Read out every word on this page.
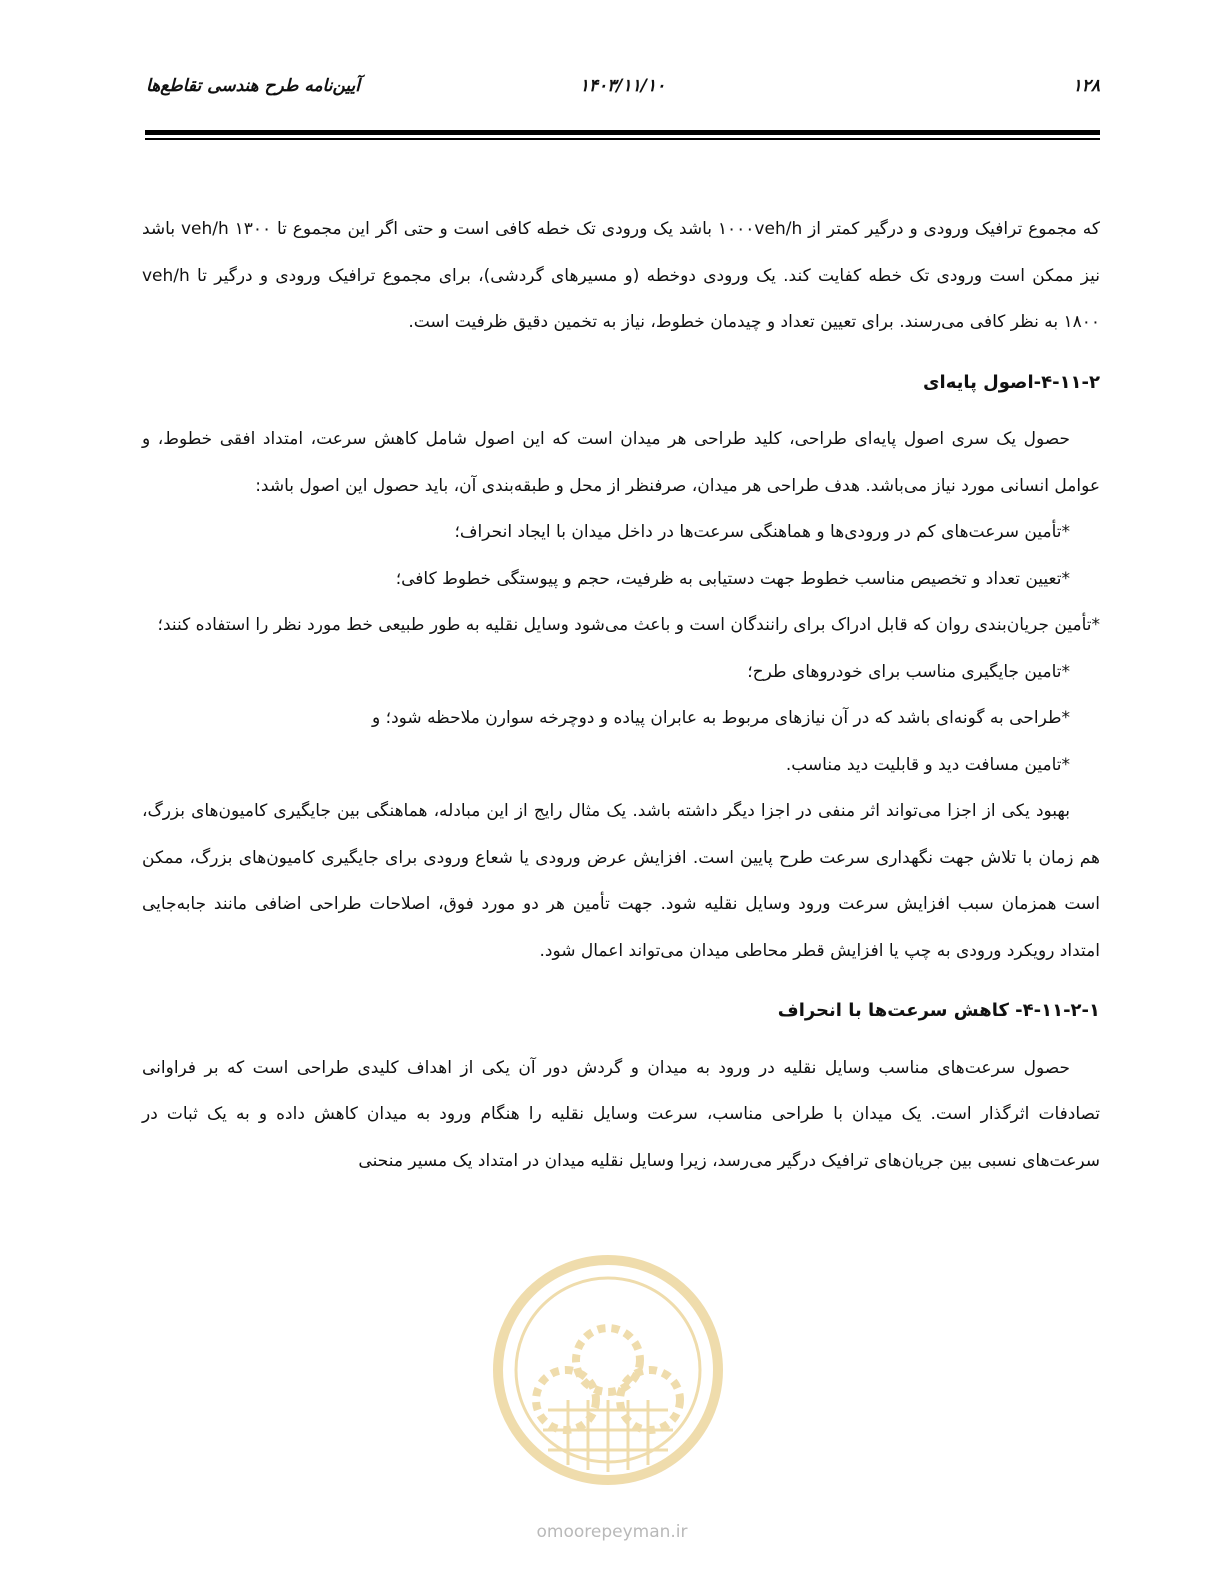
۱۴۰۳/۱۱/۱۰
آیین‌نامه طرح هندسی تقاطع‌ها	۱۲۸

که مجموع ترافیک ورودی و درگیر کمتر از ۱۰۰۰veh/h باشد یک ورودی تک خطه کافی است و حتی اگر این مجموع تا veh/h ۱۳۰۰ باشد نیز ممکن است ورودی تک خطه کفایت کند. یک ورودی دوخطه (و مسیرهای گردشی)، برای مجموع ترافیک ورودی و درگیر تا veh/h ۱۸۰۰ به نظر کافی می‌رسند. برای تعیین تعداد و چیدمان خطوط، نیاز به تخمین دقیق ظرفیت است.

۴-۱۱-۲-اصول پایه‌ای

حصول یک سری اصول پایه‌ای طراحی، کلید طراحی هر میدان است که این اصول شامل کاهش سرعت، امتداد افقی خطوط، و عوامل انسانی مورد نیاز می‌باشد. هدف طراحی هر میدان، صرفنظر از محل و طبقه‌بندی آن، باید حصول این اصول باشد:

*تأمین سرعت‌های کم در ورودی‌ها و هماهنگی سرعت‌ها در داخل میدان با ایجاد انحراف؛

*تعیین تعداد و تخصیص مناسب خطوط جهت دستیابی به ظرفیت، حجم و پیوستگی خطوط کافی؛

*تأمین جریان‌بندی روان که قابل ادراک برای رانندگان است و باعث می‌شود وسایل نقلیه به طور طبیعی خط مورد نظر را استفاده کنند؛

*تامین جایگیری مناسب برای خودروهای طرح؛

*طراحی به گونه‌ای باشد که در آن نیازهای مربوط به عابران پیاده و دوچرخه سوارن ملاحظه شود؛ و

*تامین مسافت دید و قابلیت دید مناسب.

بهبود یکی از اجزا می‌تواند اثر منفی در اجزا دیگر داشته باشد. یک مثال رایج از این مبادله، هماهنگی بین جایگیری کامیون‌های بزرگ، هم زمان با تلاش جهت نگهداری سرعت طرح پایین است. افزایش عرض ورودی یا شعاع ورودی برای جایگیری کامیون‌های بزرگ، ممکن است همزمان سبب افزایش سرعت ورود وسایل نقلیه شود. جهت تأمین هر دو مورد فوق، اصلاحات طراحی اضافی مانند جابه‌جایی امتداد رویکرد ورودی به چپ یا افزایش قطر محاطی میدان می‌تواند اعمال شود.

۴-۱۱-۲-۱- کاهش سرعت‌ها با انحراف

حصول سرعت‌های مناسب وسایل نقلیه در ورود به میدان و گردش دور آن یکی از اهداف کلیدی طراحی است که بر فراوانی تصادفات اثرگذار است. یک میدان با طراحی مناسب، سرعت وسایل نقلیه را هنگام ورود به میدان کاهش داده و به یک ثبات در سرعت‌های نسبی بین جریان‌های ترافیک درگیر می‌رسد، زیرا وسایل نقلیه میدان در امتداد یک مسیر منحنی

omoorepeyman.ir
